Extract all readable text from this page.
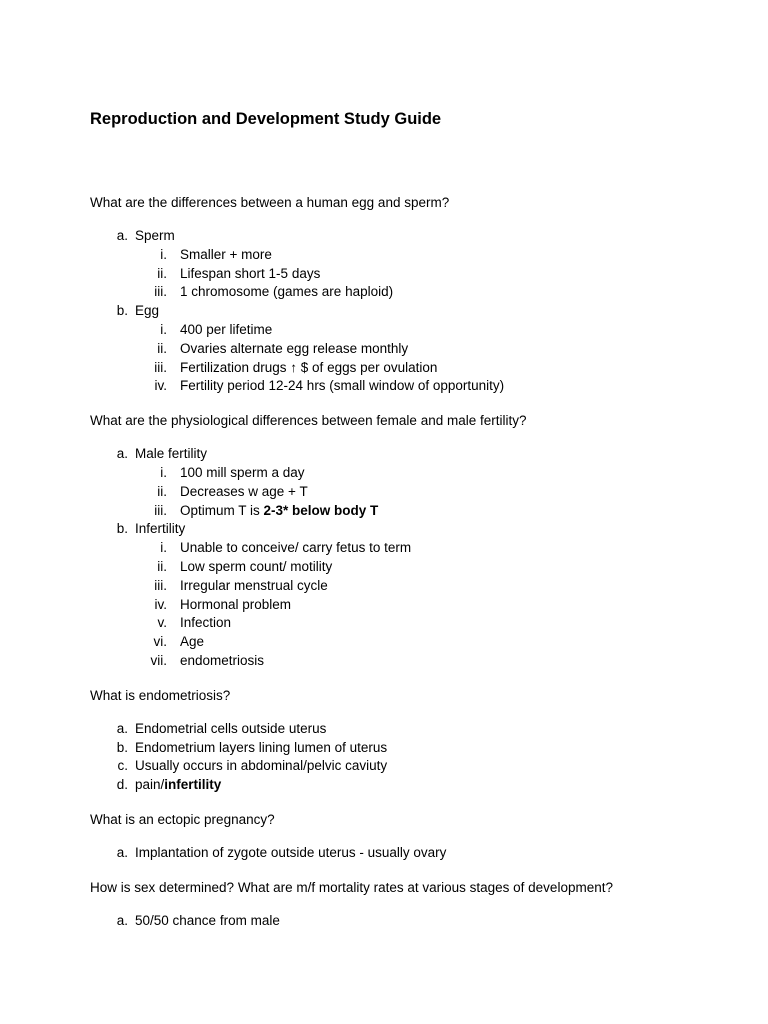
Reproduction and Development Study Guide
What are the differences between a human egg and sperm?
a. Sperm
i. Smaller + more
ii. Lifespan short 1-5 days
iii. 1 chromosome (games are haploid)
b. Egg
i. 400 per lifetime
ii. Ovaries alternate egg release monthly
iii. Fertilization drugs ↑ $ of eggs per ovulation
iv. Fertility period 12-24 hrs (small window of opportunity)
What are the physiological differences between female and male fertility?
a. Male fertility
i. 100 mill sperm a day
ii. Decreases w age + T
iii. Optimum T is 2-3* below body T
b. Infertility
i. Unable to conceive/ carry fetus to term
ii. Low sperm count/ motility
iii. Irregular menstrual cycle
iv. Hormonal problem
v. Infection
vi. Age
vii. endometriosis
What is endometriosis?
a. Endometrial cells outside uterus
b. Endometrium layers lining lumen of uterus
c. Usually occurs in abdominal/pelvic caviuty
d. pain/infertility
What is an ectopic pregnancy?
a. Implantation of zygote outside uterus - usually ovary
How is sex determined? What are m/f mortality rates at various stages of development?
a. 50/50 chance from male
